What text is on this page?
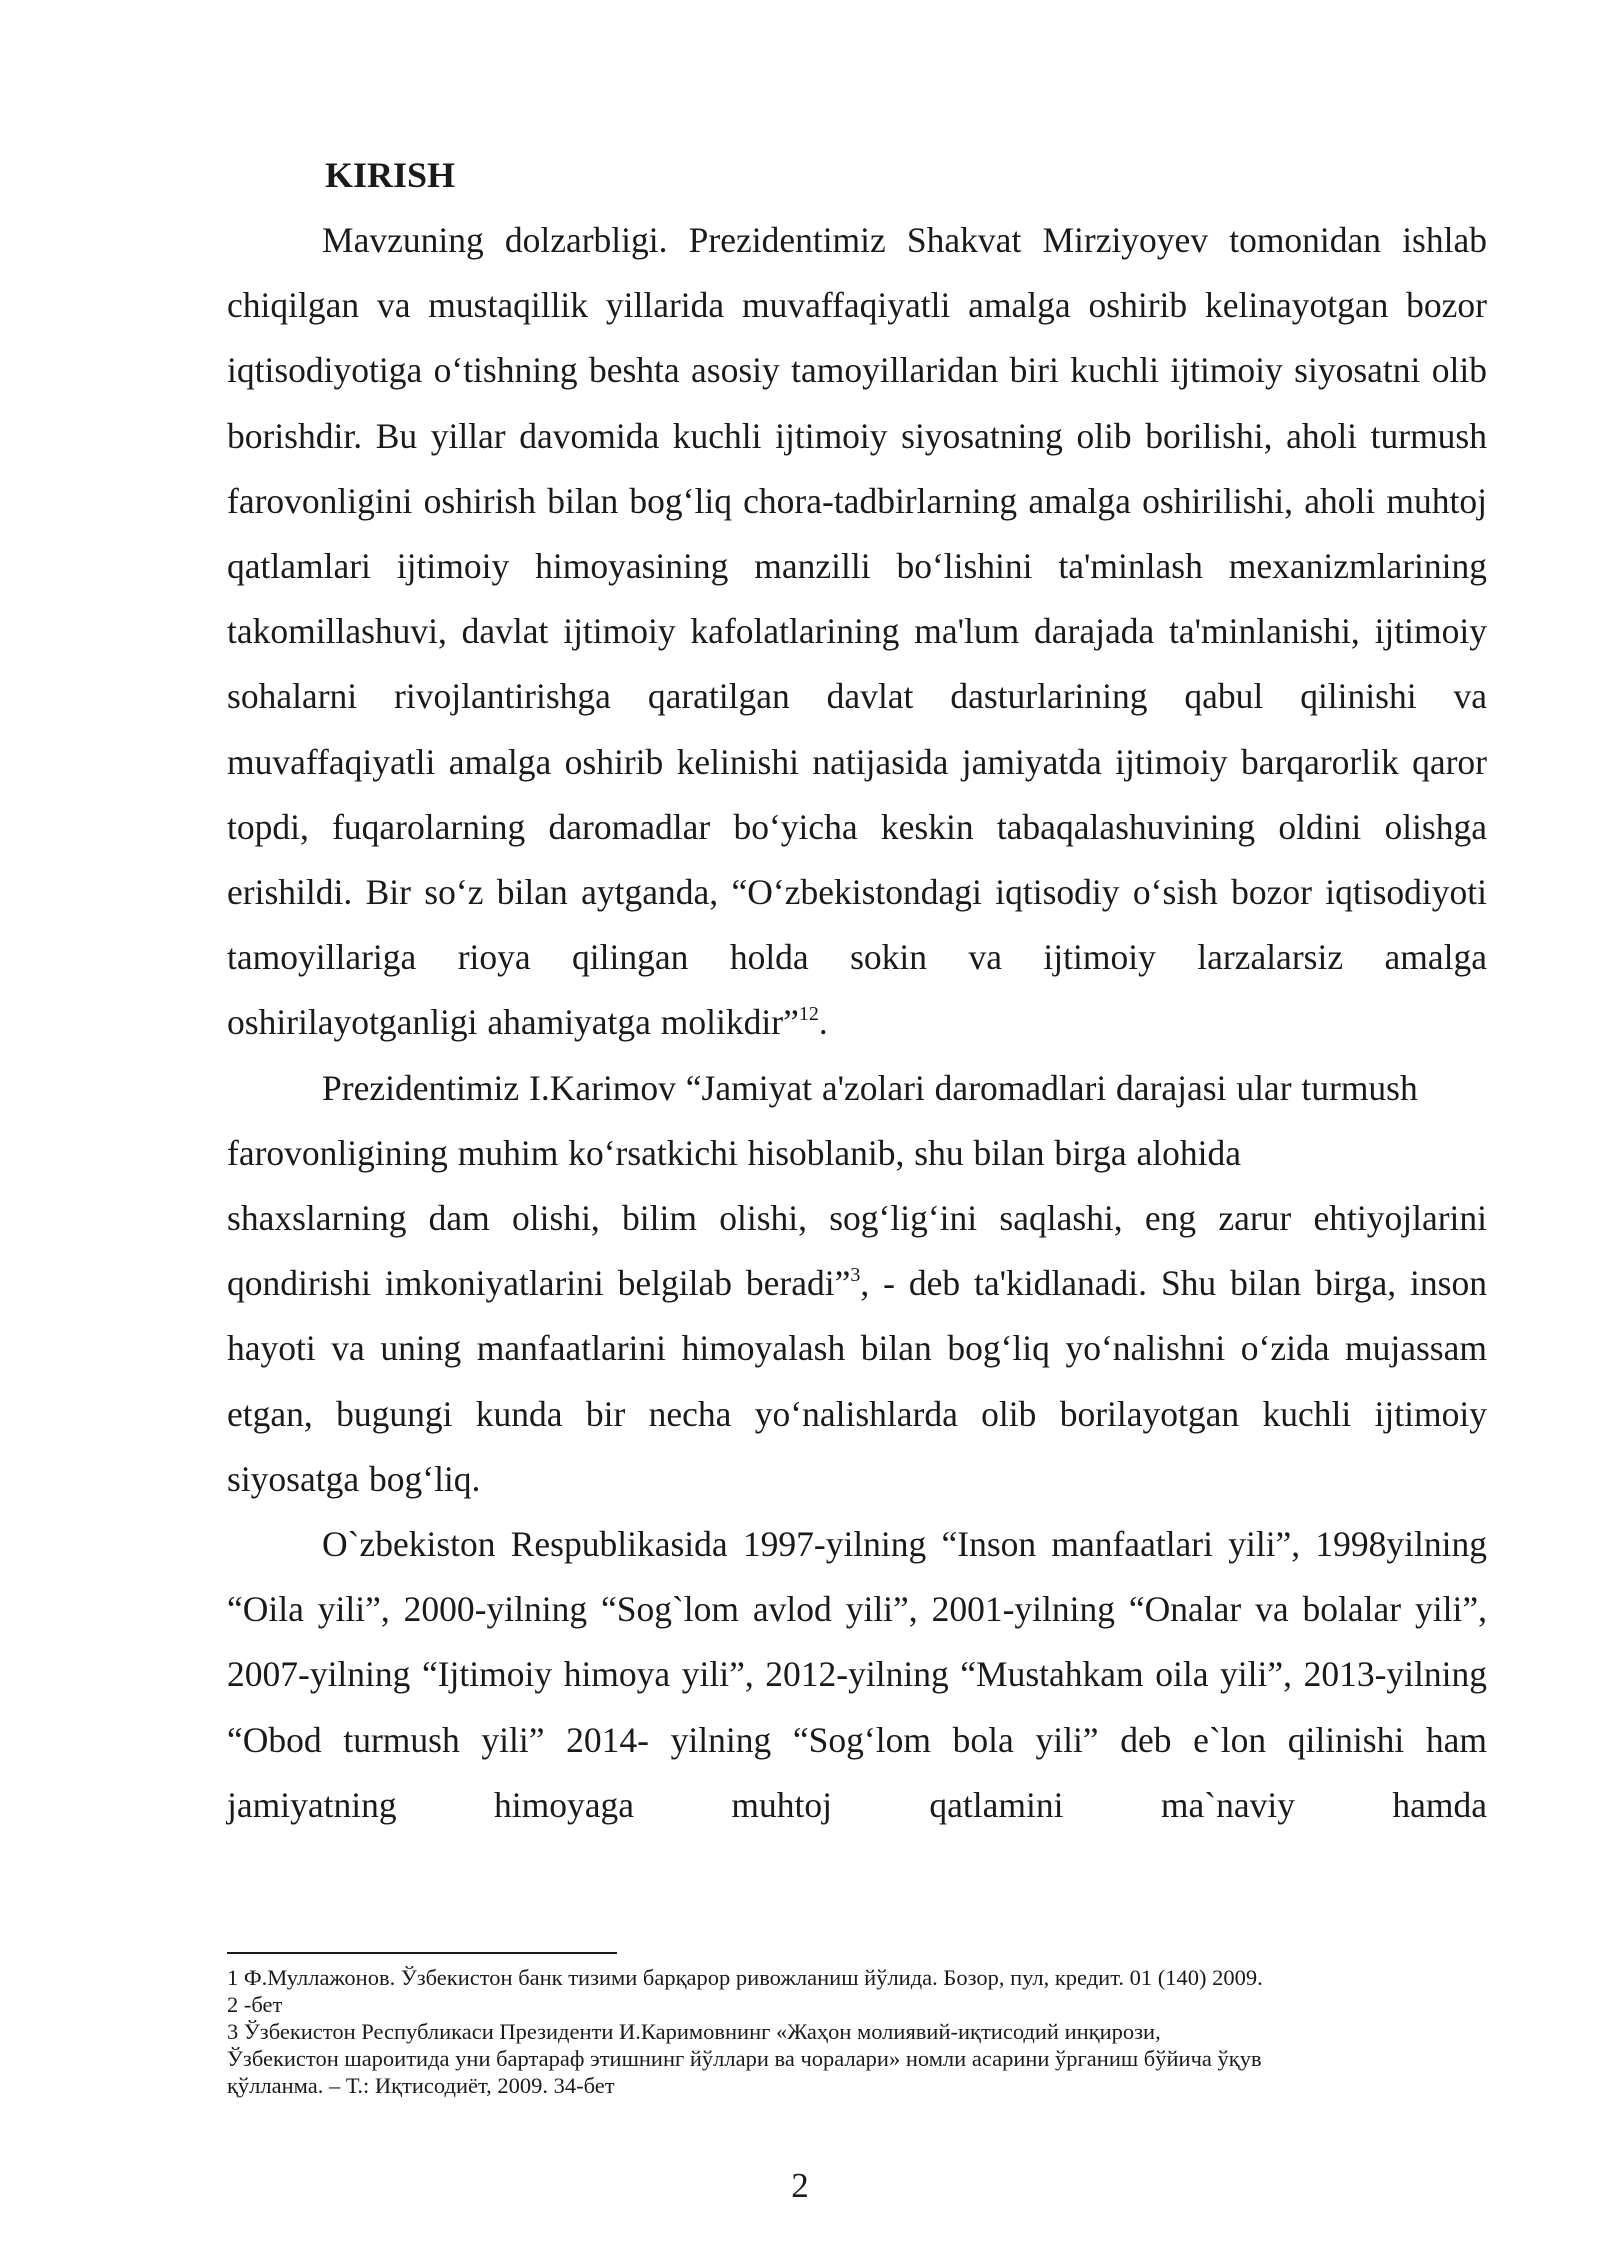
KIRISH

Mavzuning dolzarbligi. Prezidentimiz Shakvat Mirziyoyev tomonidan ishlab chiqilgan va mustaqillik yillarida muvaffaqiyatli amalga oshirib kelinayotgan bozor iqtisodiyotiga o‘tishning beshta asosiy tamoyillaridan biri kuchli ijtimoiy siyosatni olib borishdir. Bu yillar davomida kuchli ijtimoiy siyosatning olib borilishi, aholi turmush farovonligini oshirish bilan bog‘liq chora-tadbirlarning amalga oshirilishi, aholi muhtoj qatlamlari ijtimoiy himoyasining manzilli bo‘lishini ta'minlash mexanizmlarining takomillashuvi, davlat ijtimoiy kafolatlarining ma'lum darajada ta'minlanishi, ijtimoiy sohalarni rivojlantirishga qaratilgan davlat dasturlarining qabul qilinishi va muvaffaqiyatli amalga oshirib kelinishi natijasida jamiyatda ijtimoiy barqarorlik qaror topdi, fuqarolarning daromadlar bo‘yicha keskin tabaqalashuvining oldini olishga erishildi. Bir so‘z bilan aytganda, “O‘zbekistondagi iqtisodiy o‘sish bozor iqtisodiyoti tamoyillariga rioya qilingan holda sokin va ijtimoiy larzalarsiz amalga oshirilayotganligi ahamiyatga molikdir”$^{12}$.

Prezidentimiz I.Karimov “Jamiyat a'zolari daromadlari darajasi ular turmush farovonligining muhim ko‘rsatkichi hisoblanib, shu bilan birga alohida

shaxslarning dam olishi, bilim olishi, sog‘lig‘ini saqlashi, eng zarur ehtiyojlarini qondirishi imkoniyatlarini belgilab beradi”$^3$, - deb ta'kidlanadi. Shu bilan birga, inson hayoti va uning manfaatlarini himoyalash bilan bog‘liq yo‘nalishni o‘zida mujassam etgan, bugungi kunda bir necha yo‘nalishlarda olib borilayotgan kuchli ijtimoiy siyosatga bog‘liq.

O`zbekiston Respublikasida 1997-yilning “Inson manfaatlari yili”, 1998yilning “Oila yili”, 2000-yilning “Sog`lom avlod yili”, 2001-yilning “Onalar va bolalar yili”, 2007-yilning “Ijtimoiy himoya yili”, 2012-yilning “Mustahkam oila yili”, 2013-yilning “Obod turmush yili” 2014- yilning “Sog‘lom bola yili” deb e`lon qilinishi ham jamiyatning himoyaga muhtoj qatlamini ma`naviy hamda

1 Ф.Муллажонов. Ўзбекистон банк тизими барқарор ривожланиш йўлида. Бозор, пул, кредит. 01 (140) 2009.

2 -бет

3 Ўзбекистон Республикаси Президенти И.Каримовнинг «Жаҳон молиявий-иқтисодий инқирози,

Ўзбекистон шароитида уни бартараф этишнинг йўллари ва чоралари» номли асарини ўрганиш бўйича ўқув

қўлланма. – Т.: Иқтисодиёт, 2009. 34-бет

2
